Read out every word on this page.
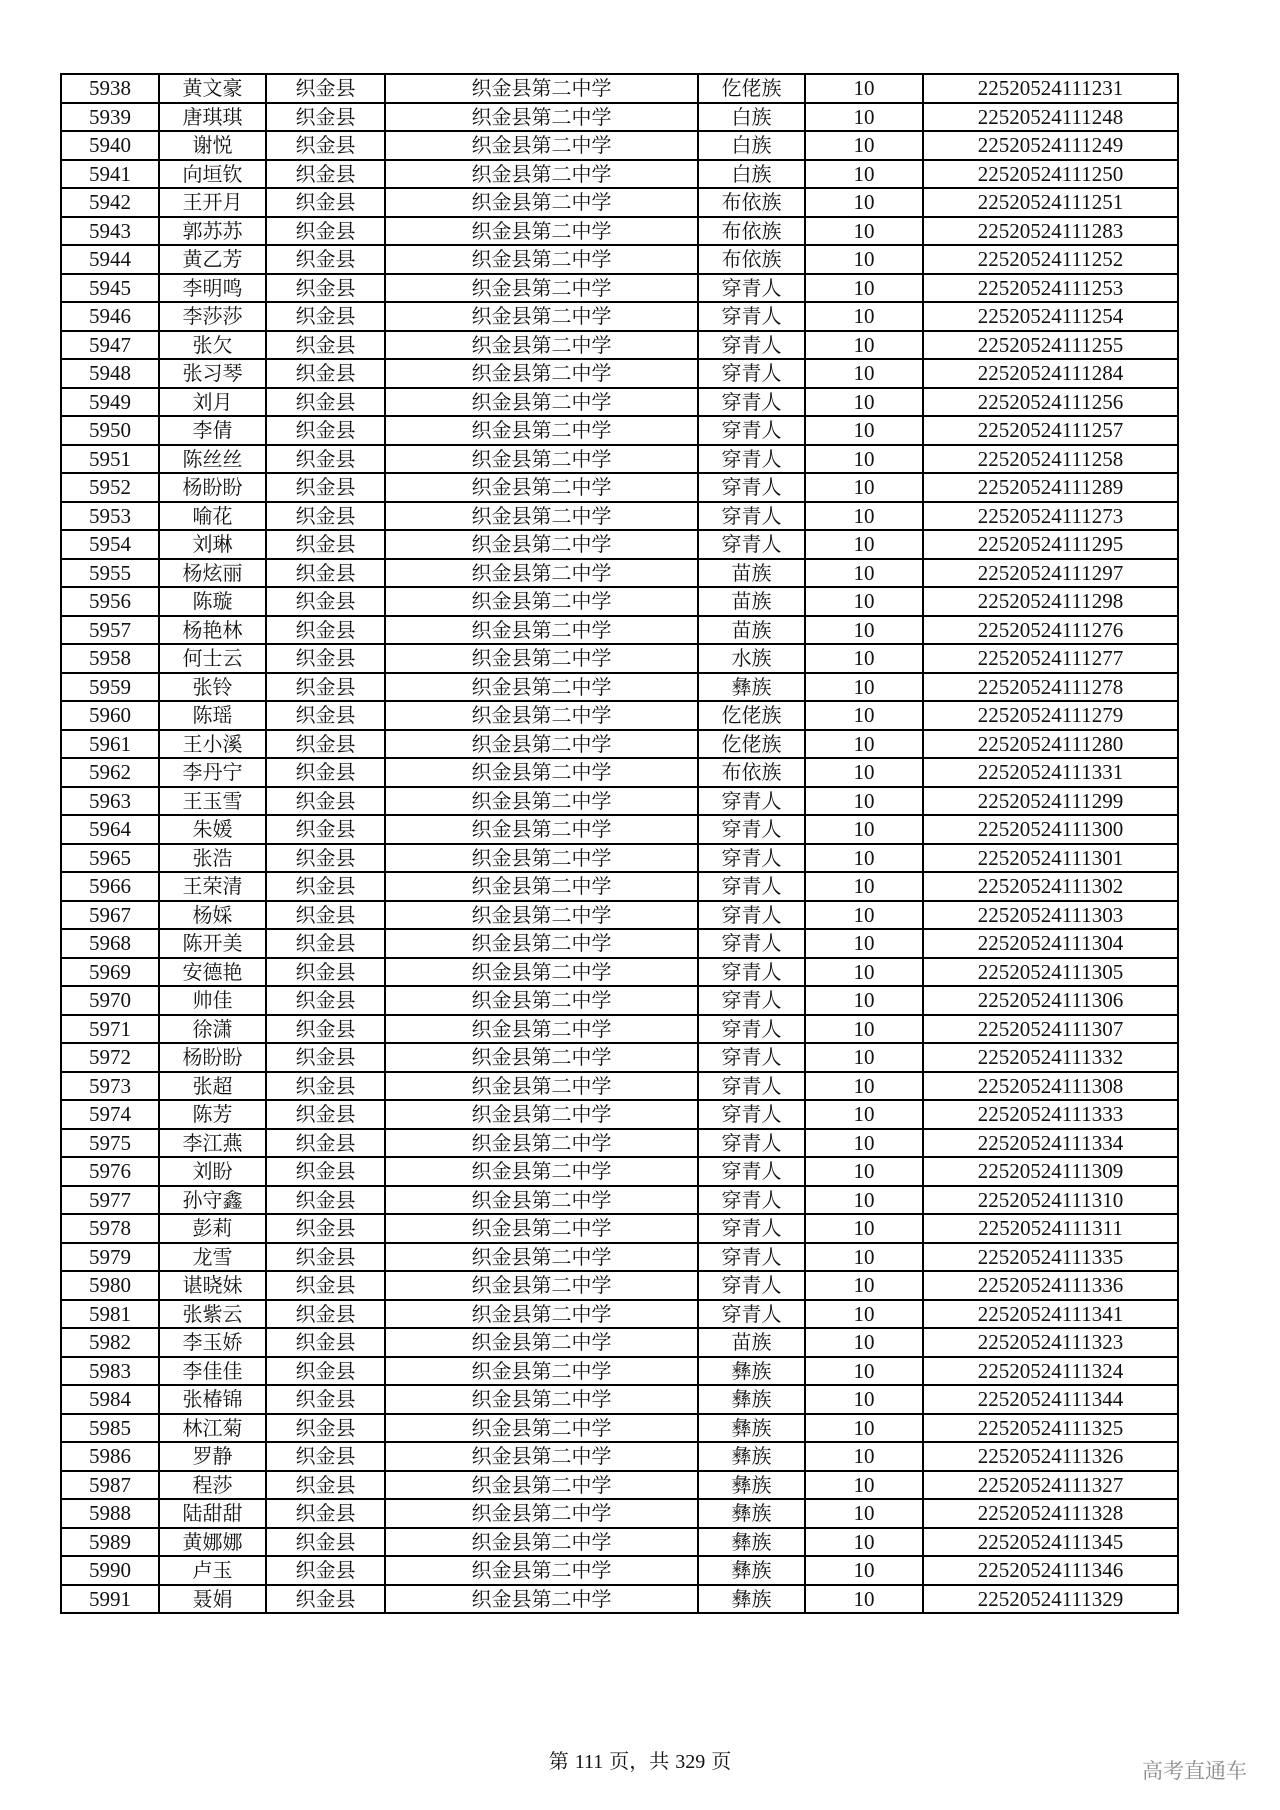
5938	黄文豪	织金县	织金县第二中学	仡佬族	10	22520524111231
5939	唐琪琪	织金县	织金县第二中学	白族	10	22520524111248
5940	谢悦	织金县	织金县第二中学	白族	10	22520524111249
5941	向垣钦	织金县	织金县第二中学	白族	10	22520524111250
5942	王开月	织金县	织金县第二中学	布依族	10	22520524111251
5943	郭苏苏	织金县	织金县第二中学	布依族	10	22520524111283
5944	黄乙芳	织金县	织金县第二中学	布依族	10	22520524111252
5945	李明鸣	织金县	织金县第二中学	穿青人	10	22520524111253
5946	李莎莎	织金县	织金县第二中学	穿青人	10	22520524111254
5947	张欠	织金县	织金县第二中学	穿青人	10	22520524111255
5948	张习琴	织金县	织金县第二中学	穿青人	10	22520524111284
5949	刘月	织金县	织金县第二中学	穿青人	10	22520524111256
5950	李倩	织金县	织金县第二中学	穿青人	10	22520524111257
5951	陈丝丝	织金县	织金县第二中学	穿青人	10	22520524111258
5952	杨盼盼	织金县	织金县第二中学	穿青人	10	22520524111289
5953	喻花	织金县	织金县第二中学	穿青人	10	22520524111273
5954	刘琳	织金县	织金县第二中学	穿青人	10	22520524111295
5955	杨炫丽	织金县	织金县第二中学	苗族	10	22520524111297
5956	陈璇	织金县	织金县第二中学	苗族	10	22520524111298
5957	杨艳林	织金县	织金县第二中学	苗族	10	22520524111276
5958	何士云	织金县	织金县第二中学	水族	10	22520524111277
5959	张铃	织金县	织金县第二中学	彝族	10	22520524111278
5960	陈瑶	织金县	织金县第二中学	仡佬族	10	22520524111279
5961	王小溪	织金县	织金县第二中学	仡佬族	10	22520524111280
5962	李丹宁	织金县	织金县第二中学	布依族	10	22520524111331
5963	王玉雪	织金县	织金县第二中学	穿青人	10	22520524111299
5964	朱媛	织金县	织金县第二中学	穿青人	10	22520524111300
5965	张浩	织金县	织金县第二中学	穿青人	10	22520524111301
5966	王荣清	织金县	织金县第二中学	穿青人	10	22520524111302
5967	杨婇	织金县	织金县第二中学	穿青人	10	22520524111303
5968	陈开美	织金县	织金县第二中学	穿青人	10	22520524111304
5969	安德艳	织金县	织金县第二中学	穿青人	10	22520524111305
5970	帅佳	织金县	织金县第二中学	穿青人	10	22520524111306
5971	徐潇	织金县	织金县第二中学	穿青人	10	22520524111307
5972	杨盼盼	织金县	织金县第二中学	穿青人	10	22520524111332
5973	张超	织金县	织金县第二中学	穿青人	10	22520524111308
5974	陈芳	织金县	织金县第二中学	穿青人	10	22520524111333
5975	李江燕	织金县	织金县第二中学	穿青人	10	22520524111334
5976	刘盼	织金县	织金县第二中学	穿青人	10	22520524111309
5977	孙守鑫	织金县	织金县第二中学	穿青人	10	22520524111310
5978	彭莉	织金县	织金县第二中学	穿青人	10	22520524111311
5979	龙雪	织金县	织金县第二中学	穿青人	10	22520524111335
5980	谌晓妹	织金县	织金县第二中学	穿青人	10	22520524111336
5981	张紫云	织金县	织金县第二中学	穿青人	10	22520524111341
5982	李玉娇	织金县	织金县第二中学	苗族	10	22520524111323
5983	李佳佳	织金县	织金县第二中学	彝族	10	22520524111324
5984	张椿锦	织金县	织金县第二中学	彝族	10	22520524111344
5985	林江菊	织金县	织金县第二中学	彝族	10	22520524111325
5986	罗静	织金县	织金县第二中学	彝族	10	22520524111326
5987	程莎	织金县	织金县第二中学	彝族	10	22520524111327
5988	陆甜甜	织金县	织金县第二中学	彝族	10	22520524111328
5989	黄娜娜	织金县	织金县第二中学	彝族	10	22520524111345
5990	卢玉	织金县	织金县第二中学	彝族	10	22520524111346
5991	聂娟	织金县	织金县第二中学	彝族	10	22520524111329
第 111 页，共 329 页	高考直通车
